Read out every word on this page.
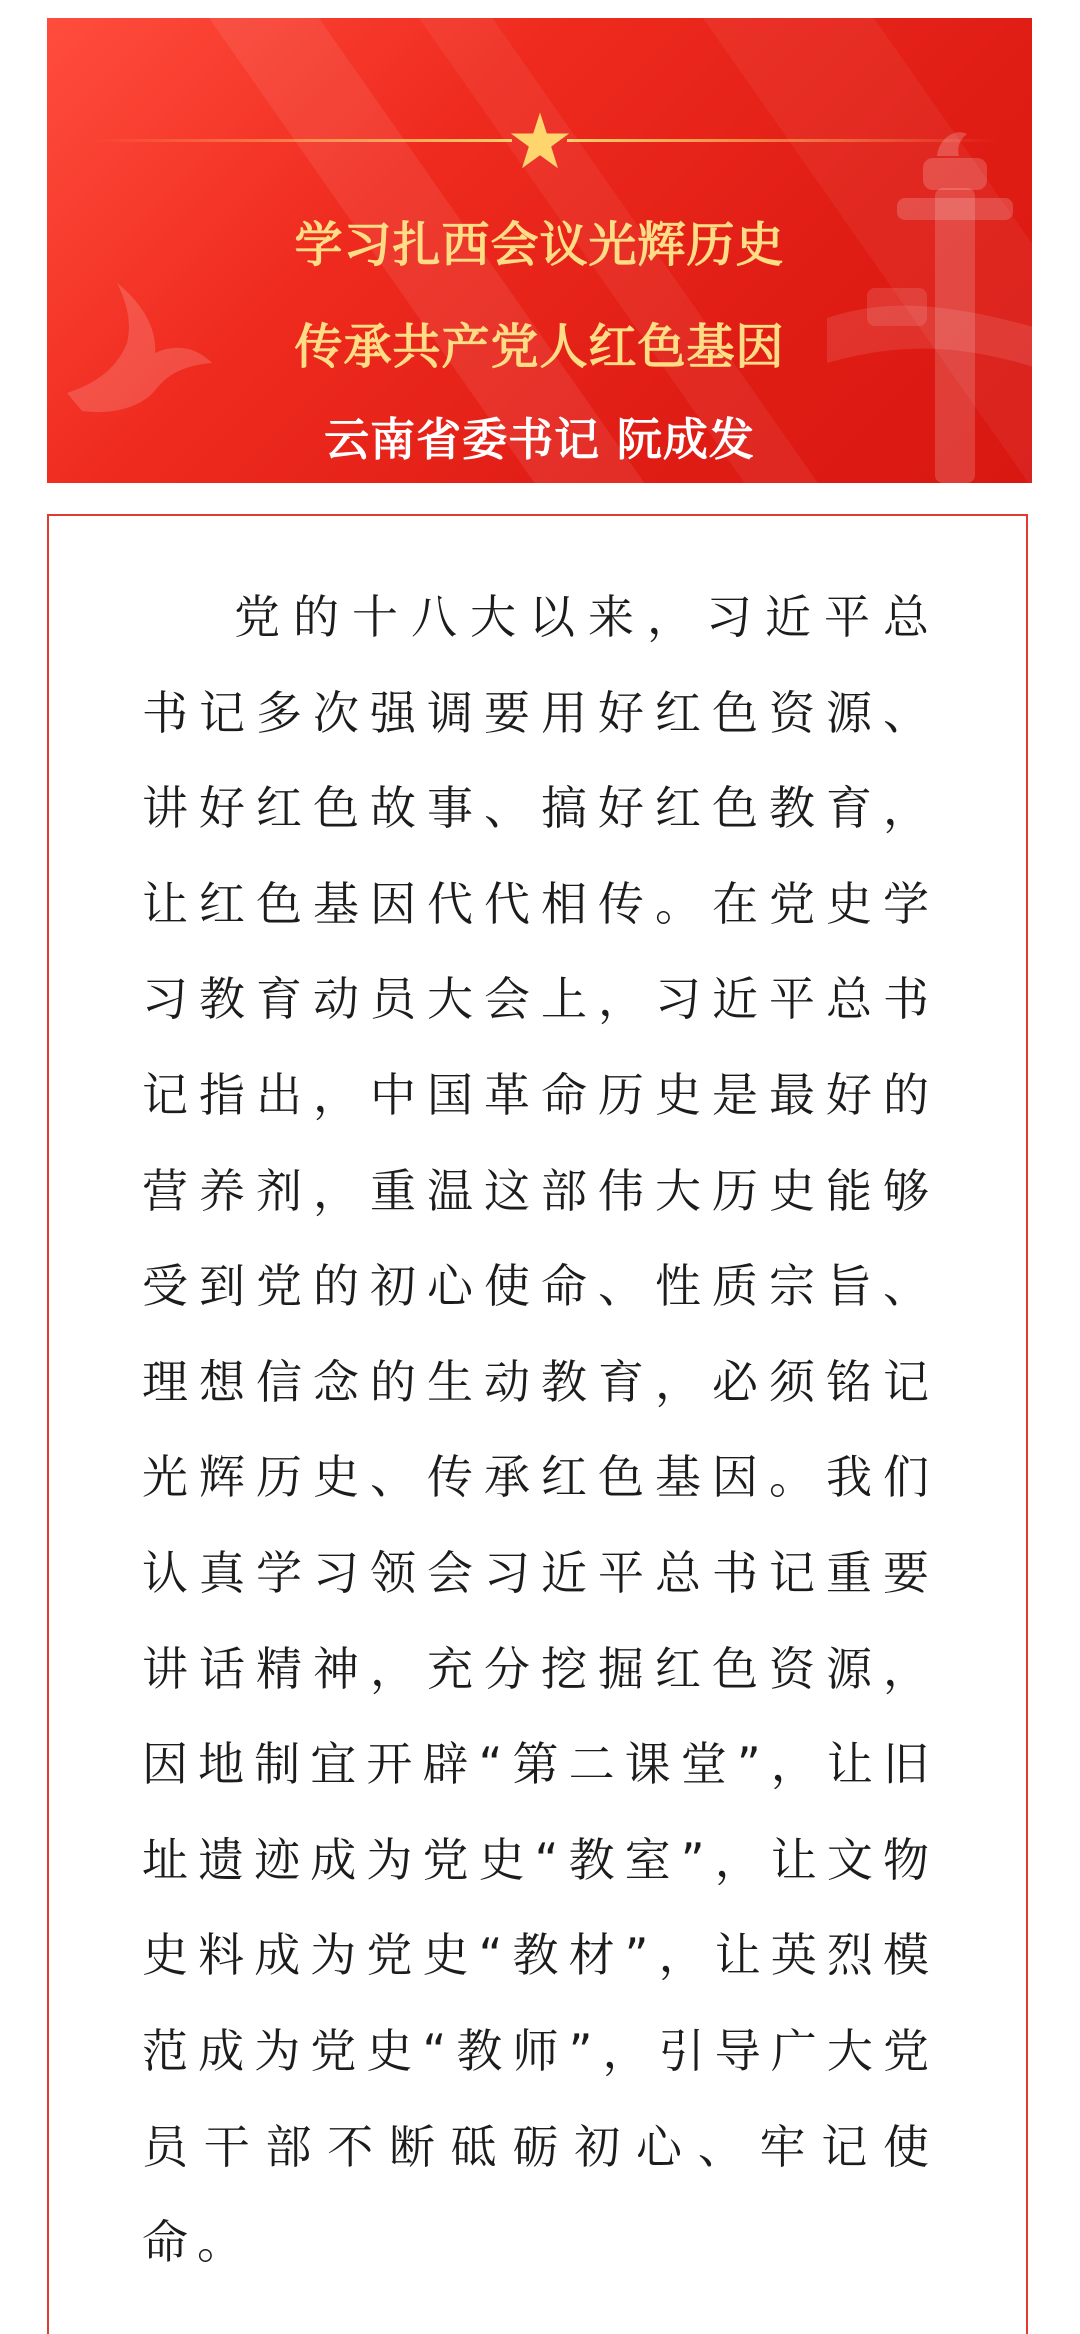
学习扎西会议光辉历史
传承共产党人红色基因
云南省委书记 阮成发

党的十八大以来，习近平总书记多次强调要用好红色资源、讲好红色故事、搞好红色教育，让红色基因代代相传。在党史学习教育动员大会上，习近平总书记指出，中国革命历史是最好的营养剂，重温这部伟大历史能够受到党的初心使命、性质宗旨、理想信念的生动教育，必须铭记光辉历史、传承红色基因。我们认真学习领会习近平总书记重要讲话精神，充分挖掘红色资源，因地制宜开辟“第二课堂”，让旧址遗迹成为党史“教室”，让文物史料成为党史“教材”，让英烈模范成为党史“教师”，引导广大党员干部不断砥砺初心、牢记使命。
